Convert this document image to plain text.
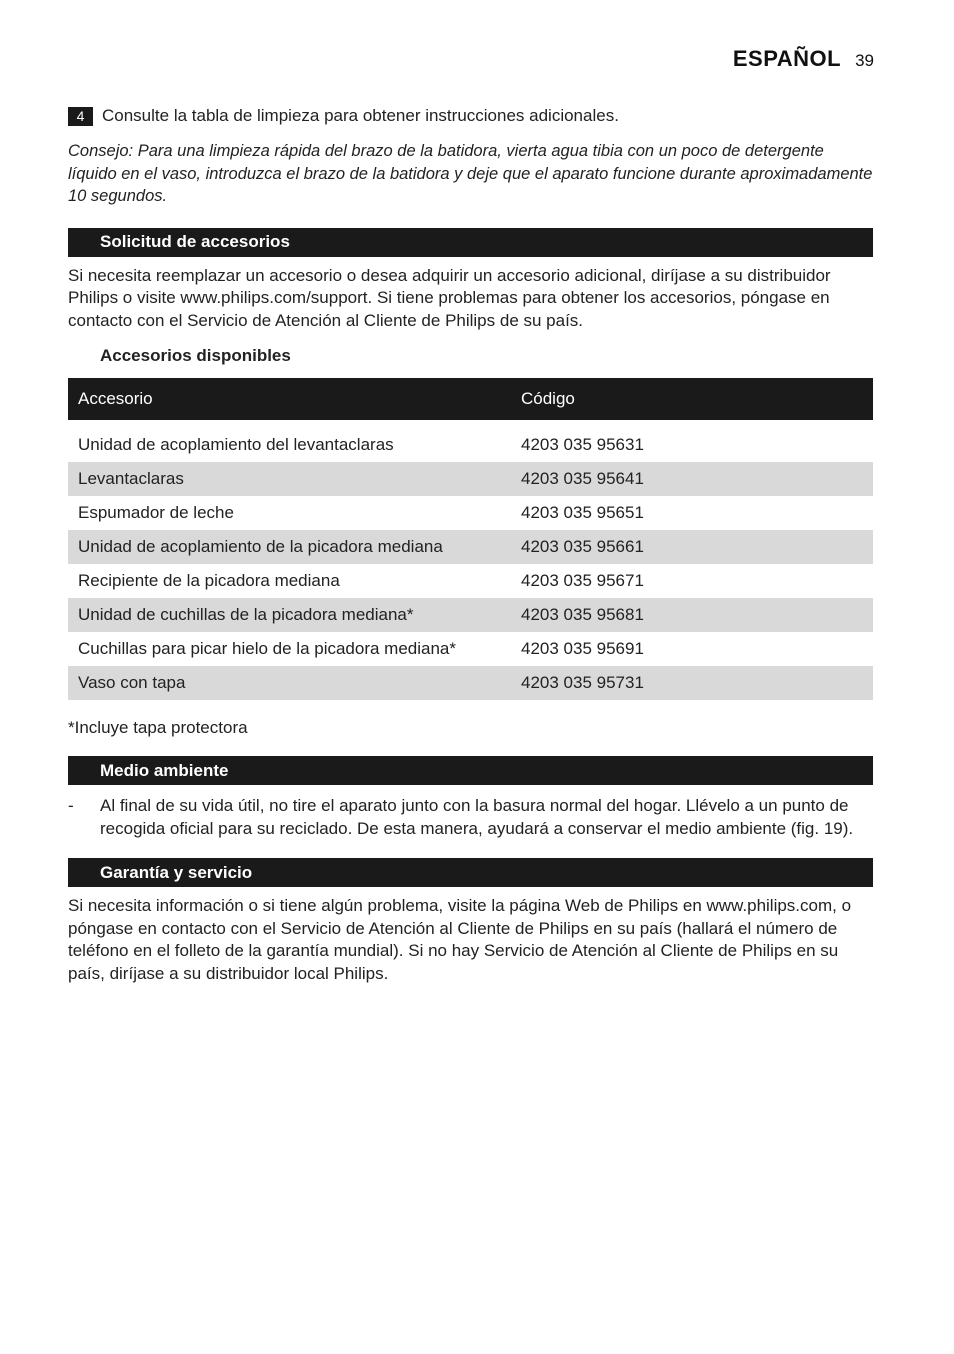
ESPAÑOL 39
4	Consulte la tabla de limpieza para obtener instrucciones adicionales.

Consejo: Para una limpieza rápida del brazo de la batidora, vierta agua tibia con un poco de detergente líquido en el vaso, introduzca el brazo de la batidora y deje que el aparato funcione durante aproximadamente 10 segundos.

Solicitud de accesorios

Si necesita reemplazar un accesorio o desea adquirir un accesorio adicional, diríjase a su distribuidor Philips o visite www.philips.com/support. Si tiene problemas para obtener los accesorios, póngase en contacto con el Servicio de Atención al Cliente de Philips de su país.

Accesorios disponibles
Accesorio	Código

Unidad de acoplamiento del levantaclaras	4203 035 95631
Levantaclaras	4203 035 95641
Espumador de leche	4203 035 95651
Unidad de acoplamiento de la picadora mediana	4203 035 95661
Recipiente de la picadora mediana	4203 035 95671
Unidad de cuchillas de la picadora mediana*	4203 035 95681
Cuchillas para picar hielo de la picadora mediana*	4203 035 95691
Vaso con tapa	4203 035 95731
*Incluye tapa protectora
Medio ambiente
-	Al final de su vida útil, no tire el aparato junto con la basura normal del hogar. Llévelo a un punto de recogida oficial para su reciclado. De esta manera, ayudará a conservar el medio ambiente (fig. 19).
Garantía y servicio

Si necesita información o si tiene algún problema, visite la página Web de Philips en www.philips.com, o póngase en contacto con el Servicio de Atención al Cliente de Philips en su país (hallará el número de teléfono en el folleto de la garantía mundial). Si no hay Servicio de Atención al Cliente de Philips en su país, diríjase a su distribuidor local Philips.
